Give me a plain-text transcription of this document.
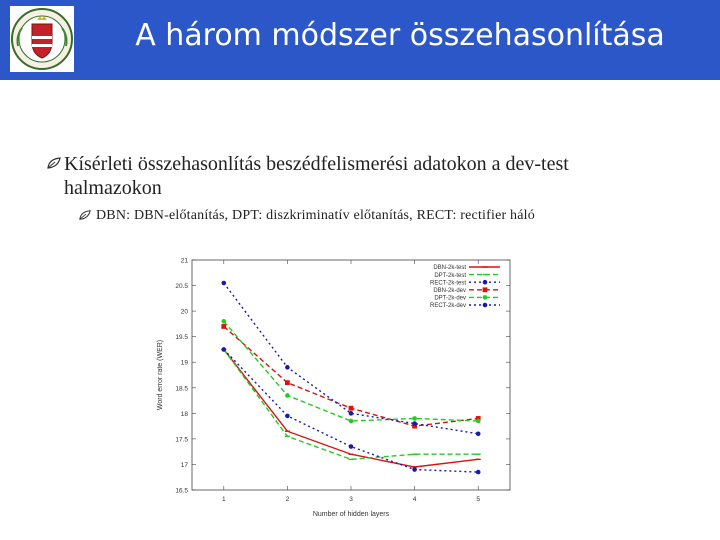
A három módszer összehasonlítása
Kísérleti összehasonlítás beszédfelismerési adatokon a dev-test halmazokon
DBN: DBN-előtanítás, DPT: diszkriminatív előtanítás, RECT: rectifier háló
16.5
17
17.5
18
18.5
19
19.5
20
20.5
21
1	2	3	4	5
Number of hidden layers
Word error rate (WER)
DBN-2k-test
DPT-2k-test
RECT-2k-test
DBN-2k-dev
DPT-2k-dev
RECT-2k-dev
